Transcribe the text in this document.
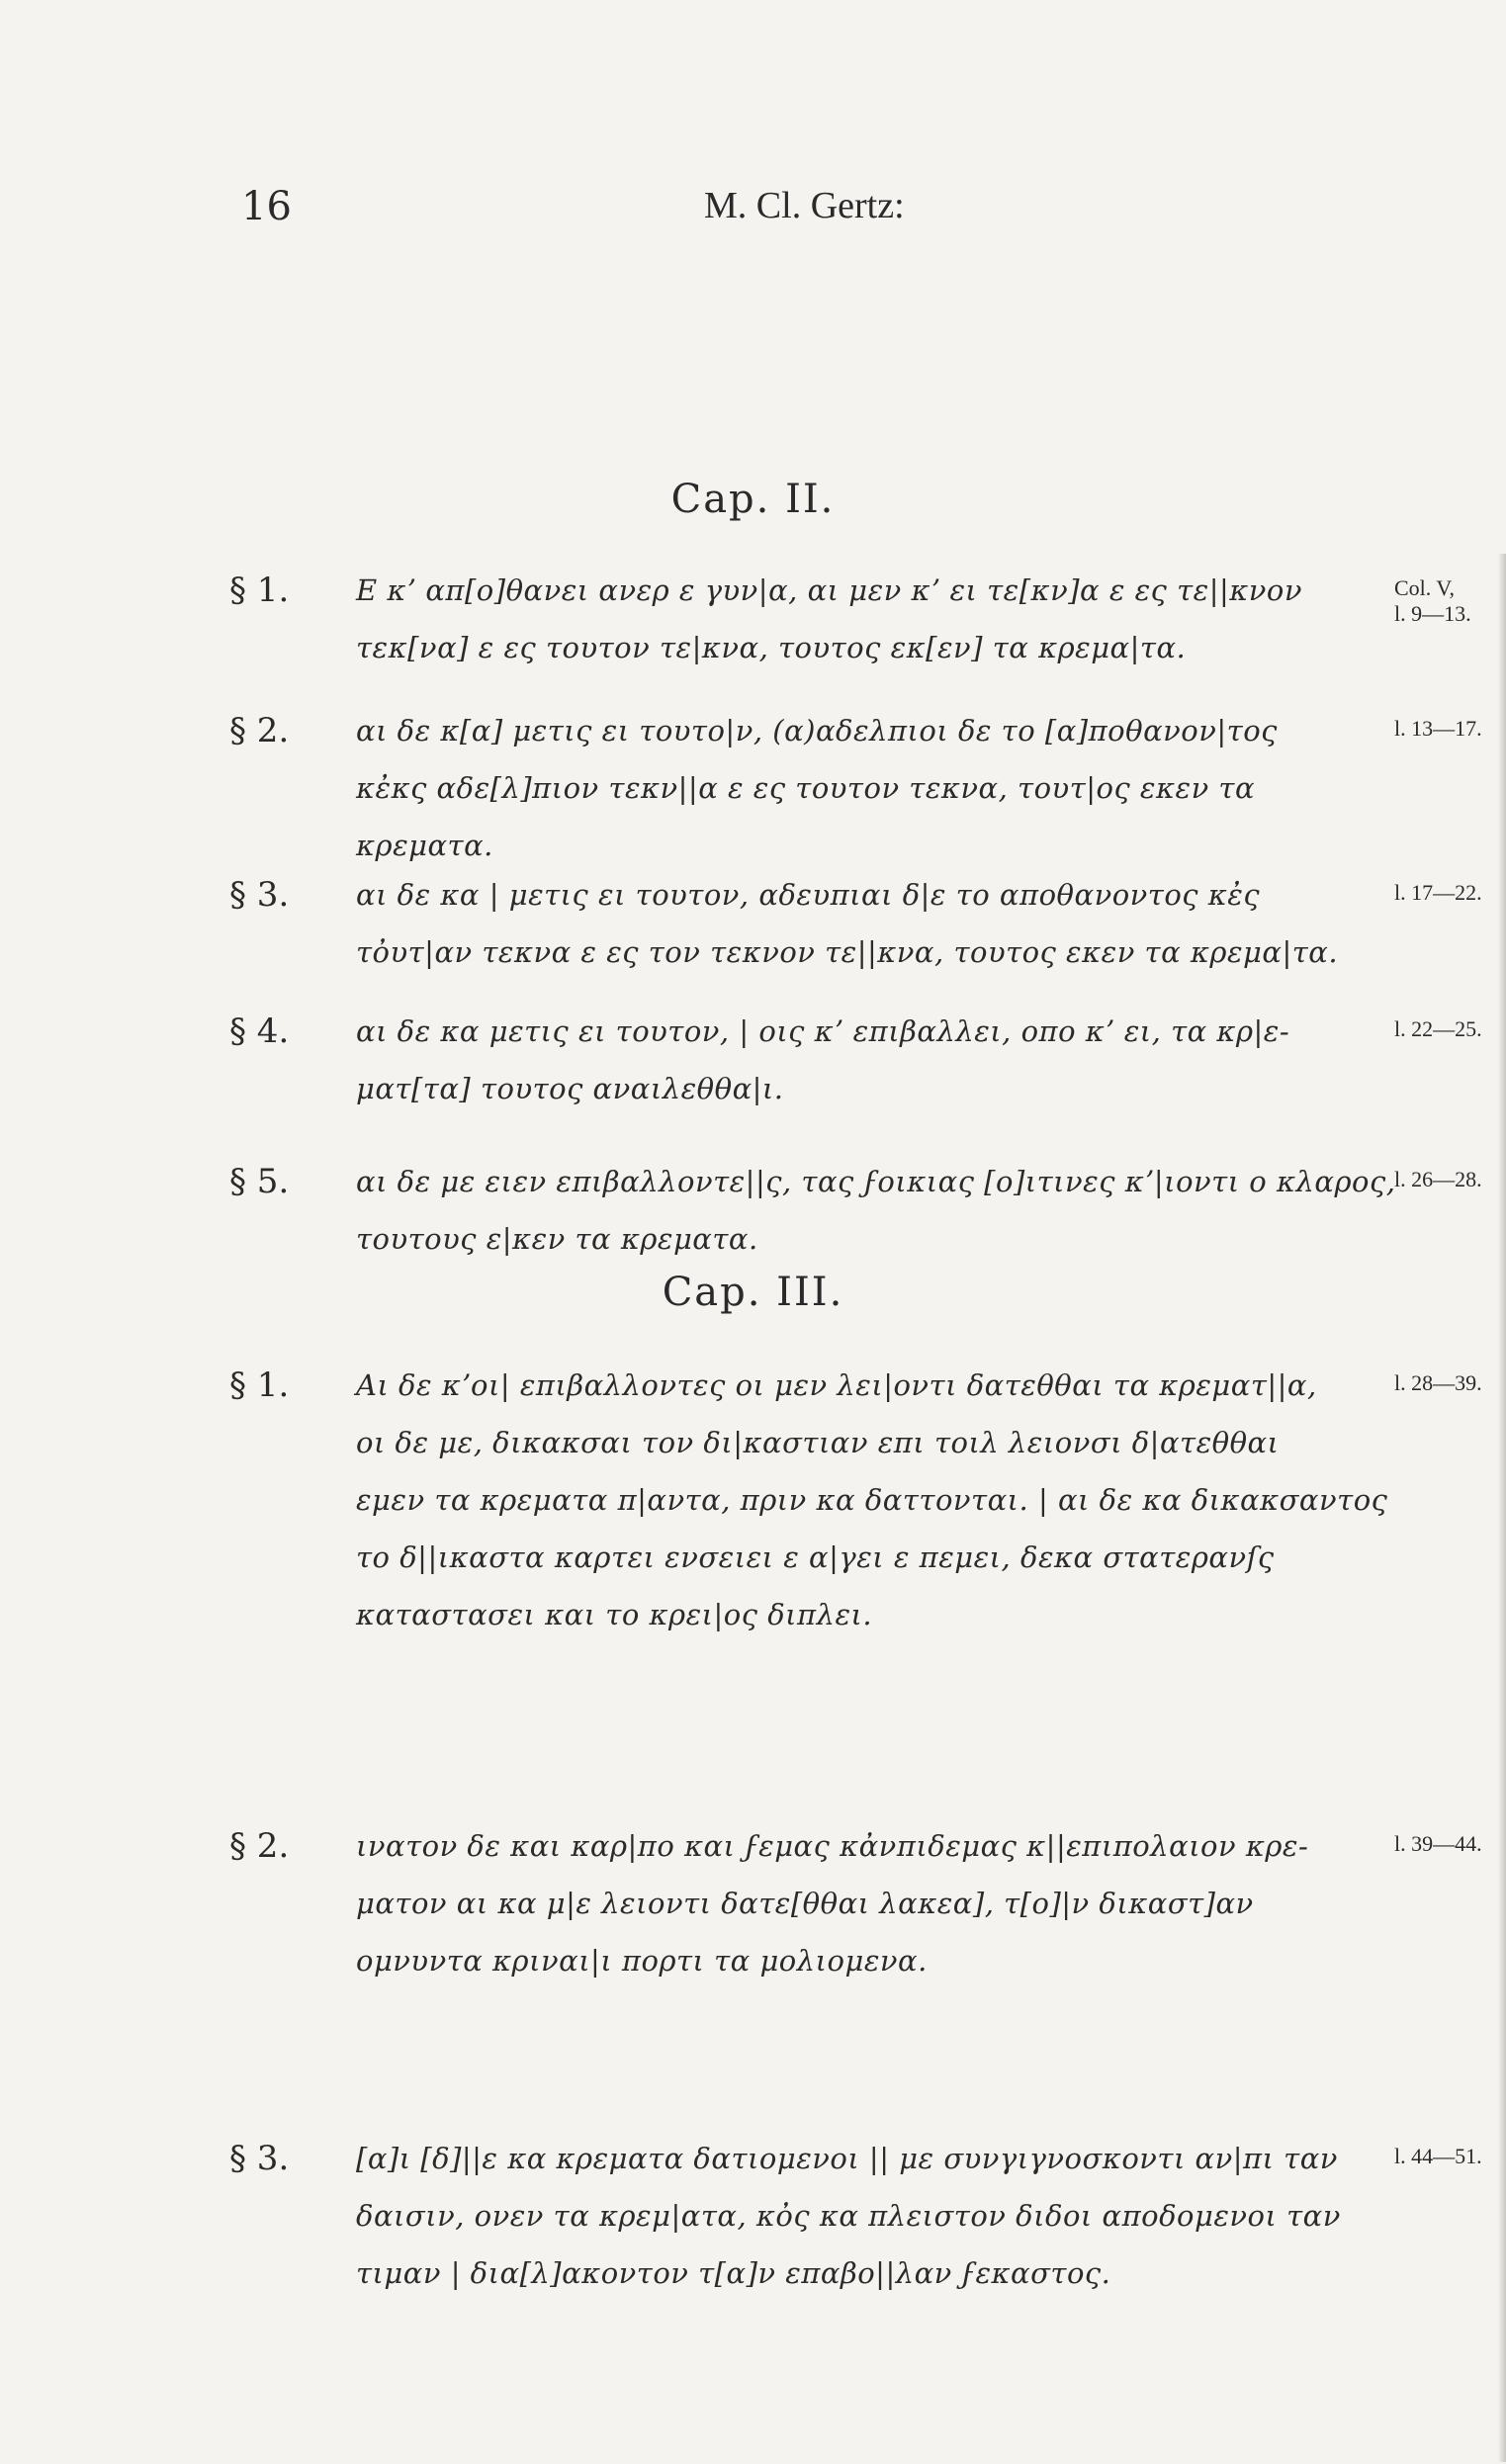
16	M. Cl. Gertz:
Cap. II.
Cap. III.
§ 1. Ε κʼ απ[ο]θανει ανερ ε γυν|α, αι μεν κʼ ει τε[κν]α ε ες τε||κνον
τεκ[να] ε ες τουτον τε|κνα, τουτος εκ[εν] τα κρεμα|τα.
Col. V,
l. 9—13.
§ 2. αι δε κ[α] μετις ει τουτο|ν, (α)αδελπιοι δε το [α]ποθανον|τος
κἐκς αδε[λ]πιον τεκν||α ε ες τουτον τεκνα, τουτ|ος εκεν τα
κρεματα.
l. 13—17.
§ 3. αι δε κα | μετις ει τουτον, αδευπιαι δ|ε το αποθανοντος κἐς
τὀυτ|αν τεκνα ε ες τον τεκνον τε||κνα, τουτος εκεν τα κρεμα|τα.
l. 17—22.
§ 4. αι δε κα μετις ει τουτον, | οις κʼ επιβαλλει, οπο κʼ ει, τα κρ|ε-
ματ[τα] τουτος αναιλεθθα|ι.
l. 22—25.
§ 5. αι δε με ειεν επιβαλλοντε||ς, τας ϝοικιας [ο]ιτινες κʼ|ιοντι ο κλαρος,
τουτους ε|κεν τα κρεματα.
l. 26—28.
§ 1. Αι δε κʼοι| επιβαλλοντες οι μεν λει|οντι δατεθθαι τα κρεματ||α,
οι δε με, δικακσαι τον δι|καστιαν επι τοιλ λειονσι δ|ατεθθαι
εμεν τα κρεματα π|αντα, πριν κα δαττονται. | αι δε κα δικακσαντος
το δ||ικαστα καρτει ενσειει ε α|γει ε πεμει, δεκα στατερανſς
καταστασει και το κρει|ος διπλει.
l. 28—39.
§ 2. ινατον δε και καρ|πο και ϝεμας κἀνπιδεμας κ||επιπολαιον κρε-
ματον αι κα μ|ε λειοντι δατε[θθαι λακεα], τ[ο]|ν δικαστ]αν
ομνυντα κριναι|ι πορτι τα μολιομενα.
l. 39—44.
§ 3. [α]ι [δ]||ε κα κρεματα δατιομενοι || με συνγιγνοσκοντι αν|πι ταν
δαισιν, ονεν τα κρεμ|ατα, κὀς κα πλειστον διδοι αποδομενοι ταν
τιμαν | δια[λ]ακοντον τ[α]ν επαβο||λαν ϝεκαστος.
l. 44—51.
